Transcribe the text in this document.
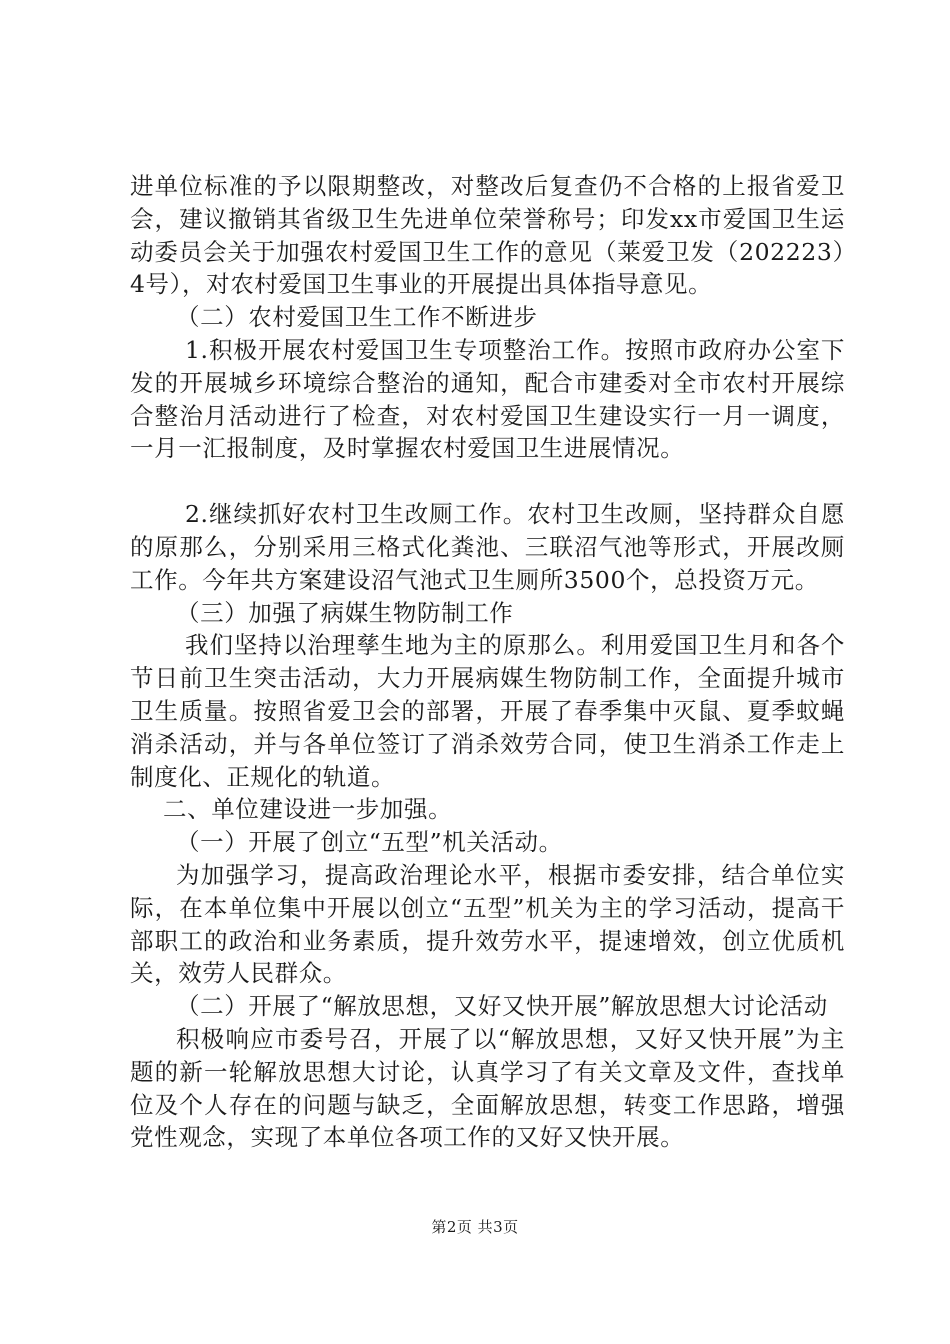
进单位标准的予以限期整改，对整改后复查仍不合格的上报省爱卫会，建议撤销其省级卫生先进单位荣誉称号；印发xx市爱国卫生运动委员会关于加强农村爱国卫生工作的意见（莱爱卫发（202223）4号），对农村爱国卫生事业的开展提出具体指导意见。

（二）农村爱国卫生工作不断进步

1.积极开展农村爱国卫生专项整治工作。按照市政府办公室下发的开展城乡环境综合整治的通知，配合市建委对全市农村开展综合整治月活动进行了检查，对农村爱国卫生建设实行一月一调度，一月一汇报制度，及时掌握农村爱国卫生进展情况。

2.继续抓好农村卫生改厕工作。农村卫生改厕，坚持群众自愿的原那么，分别采用三格式化粪池、三联沼气池等形式，开展改厕工作。今年共方案建设沼气池式卫生厕所3500个，总投资万元。

（三）加强了病媒生物防制工作

我们坚持以治理孳生地为主的原那么。利用爱国卫生月和各个节日前卫生突击活动，大力开展病媒生物防制工作，全面提升城市卫生质量。按照省爱卫会的部署，开展了春季集中灭鼠、夏季蚊蝇消杀活动，并与各单位签订了消杀效劳合同，使卫生消杀工作走上制度化、正规化的轨道。

二、单位建设进一步加强。

（一）开展了创立“五型”机关活动。

为加强学习，提高政治理论水平，根据市委安排，结合单位实际，在本单位集中开展以创立“五型”机关为主的学习活动，提高干部职工的政治和业务素质，提升效劳水平，提速增效，创立优质机关，效劳人民群众。

（二）开展了“解放思想，又好又快开展”解放思想大讨论活动

积极响应市委号召，开展了以“解放思想，又好又快开展”为主题的新一轮解放思想大讨论，认真学习了有关文章及文件，查找单位及个人存在的问题与缺乏，全面解放思想，转变工作思路，增强党性观念，实现了本单位各项工作的又好又快开展。

第2页 共3页
